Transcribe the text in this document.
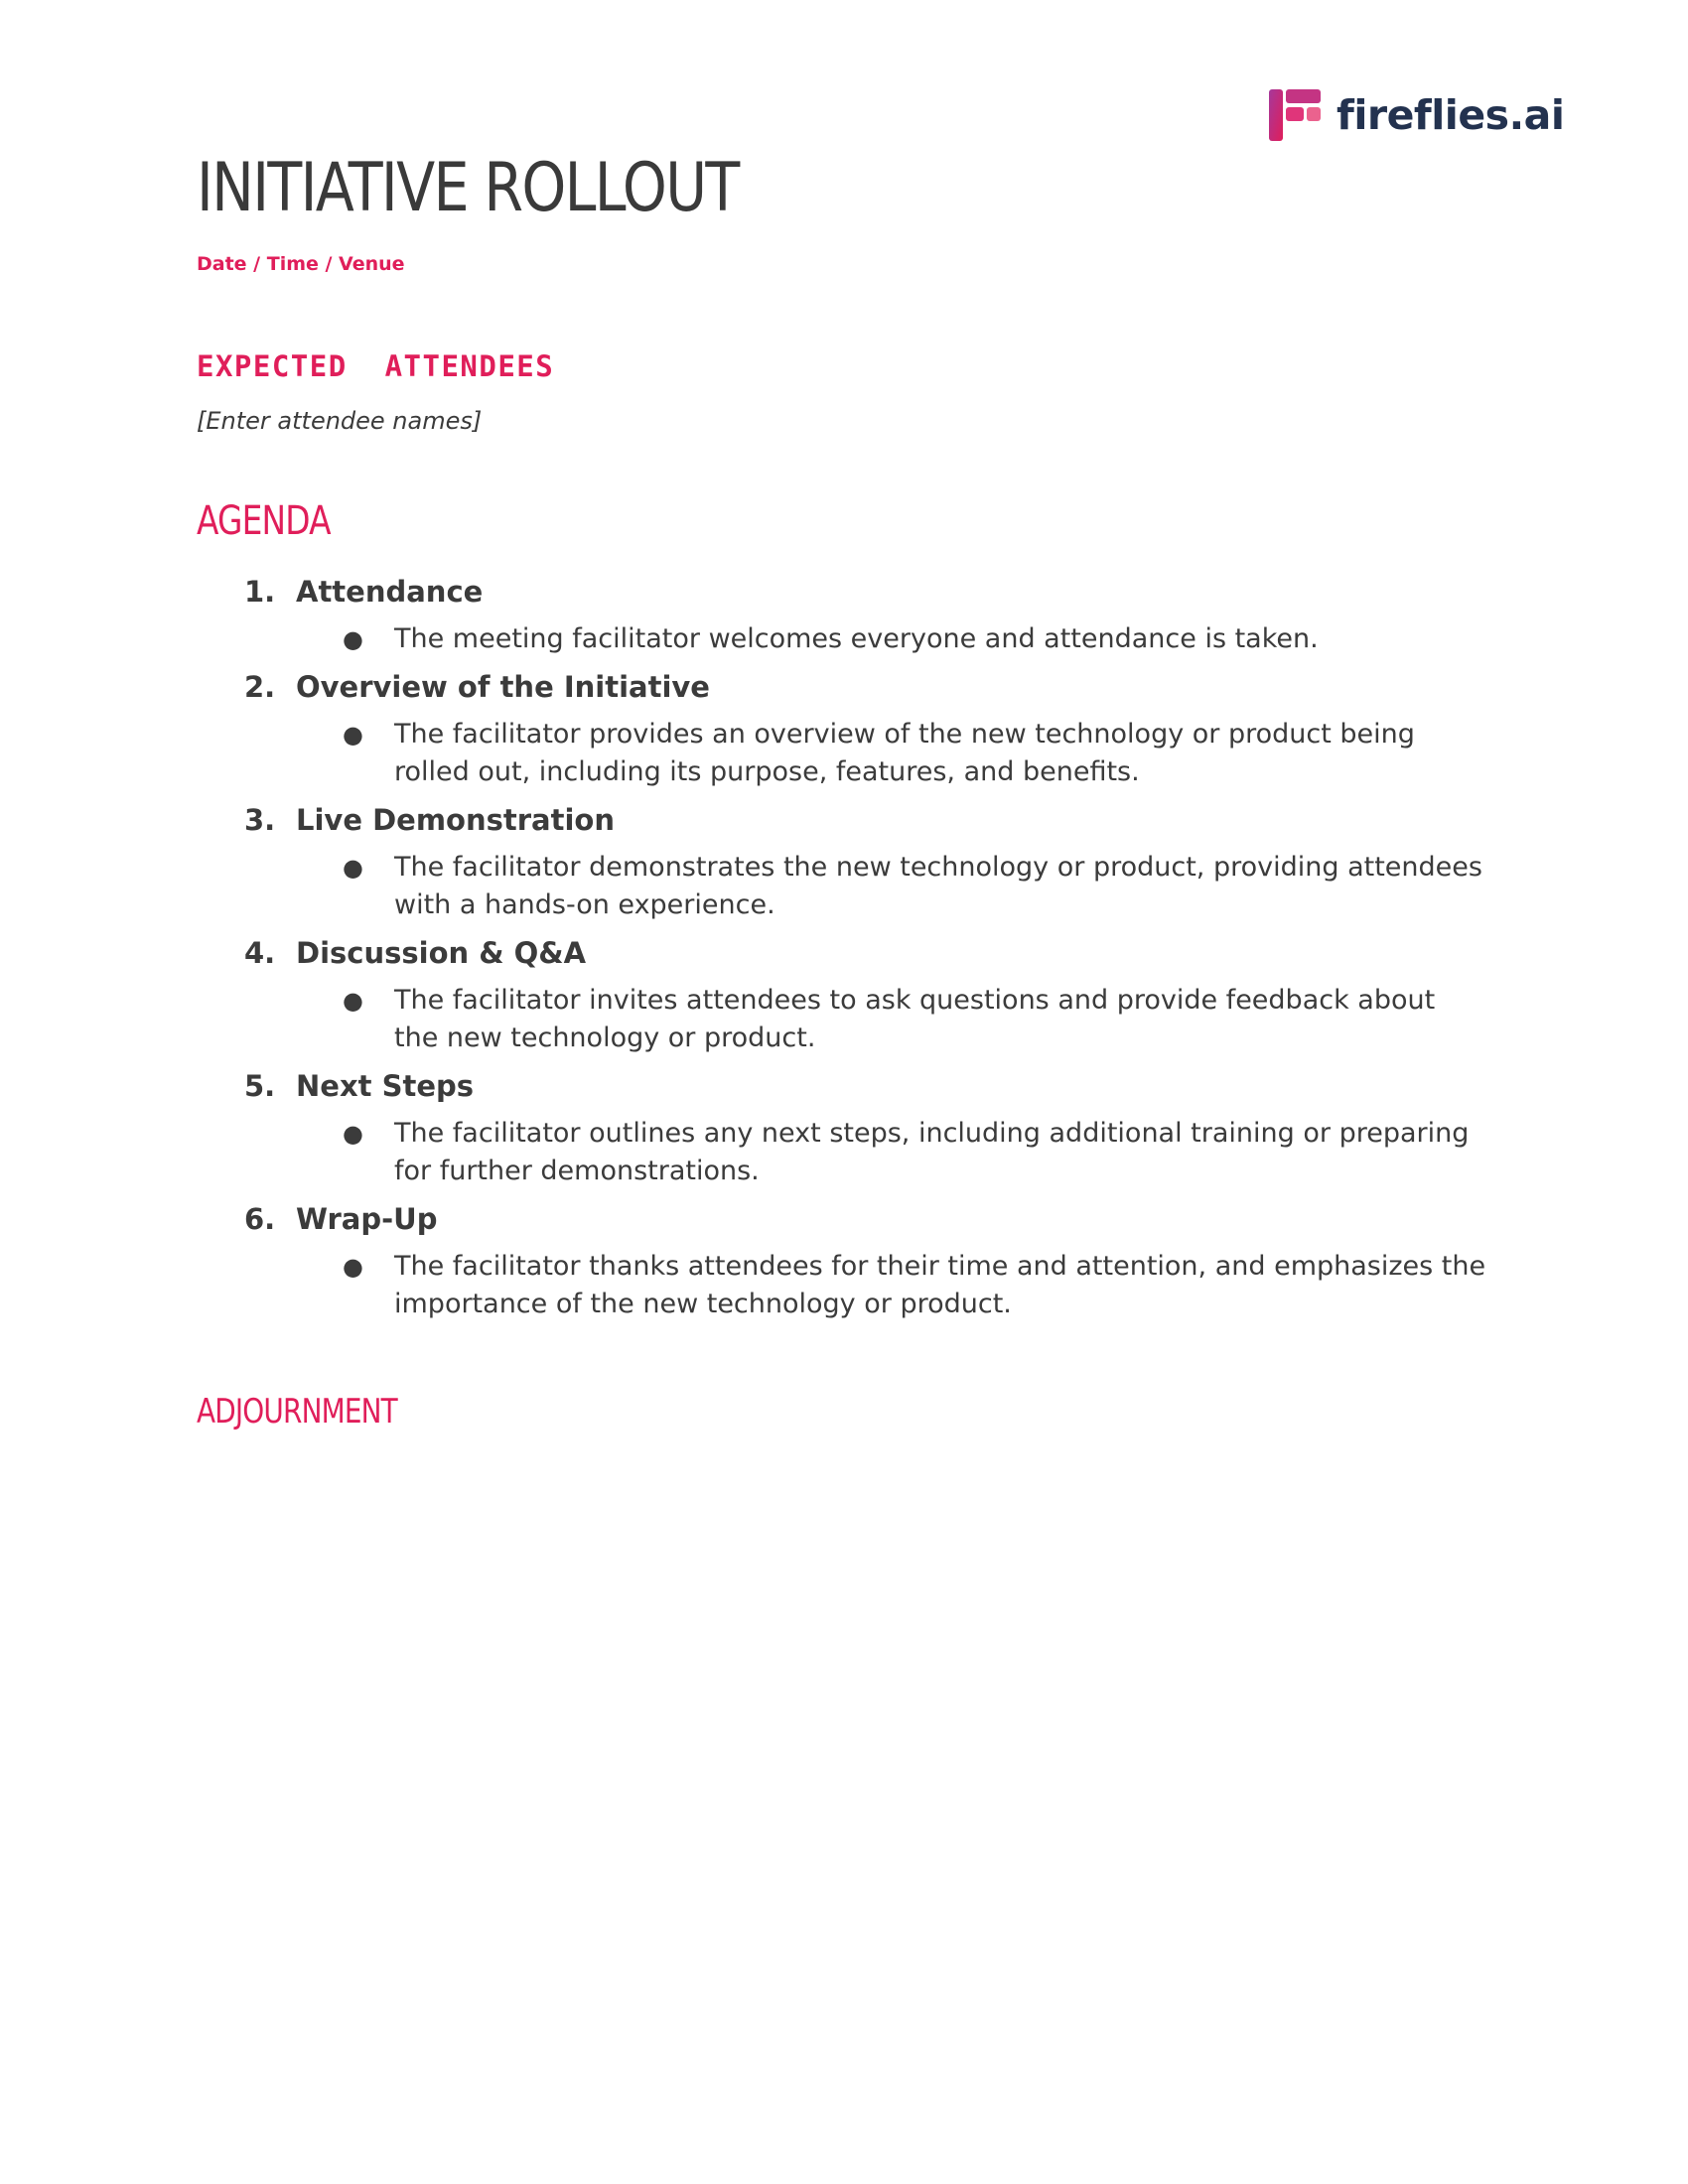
fireflies.ai
INITIATIVE ROLLOUT
Date / Time / Venue
EXPECTED  ATTENDEES
[Enter attendee names]
AGENDA
1. Attendance
● The meeting facilitator welcomes everyone and attendance is taken.
2. Overview of the Initiative
● The facilitator provides an overview of the new technology or product being rolled out, including its purpose, features, and benefits.
3. Live Demonstration
● The facilitator demonstrates the new technology or product, providing attendees with a hands-on experience.
4. Discussion & Q&A
● The facilitator invites attendees to ask questions and provide feedback about the new technology or product.
5. Next Steps
● The facilitator outlines any next steps, including additional training or preparing for further demonstrations.
6. Wrap-Up
● The facilitator thanks attendees for their time and attention, and emphasizes the importance of the new technology or product.
ADJOURNMENT
